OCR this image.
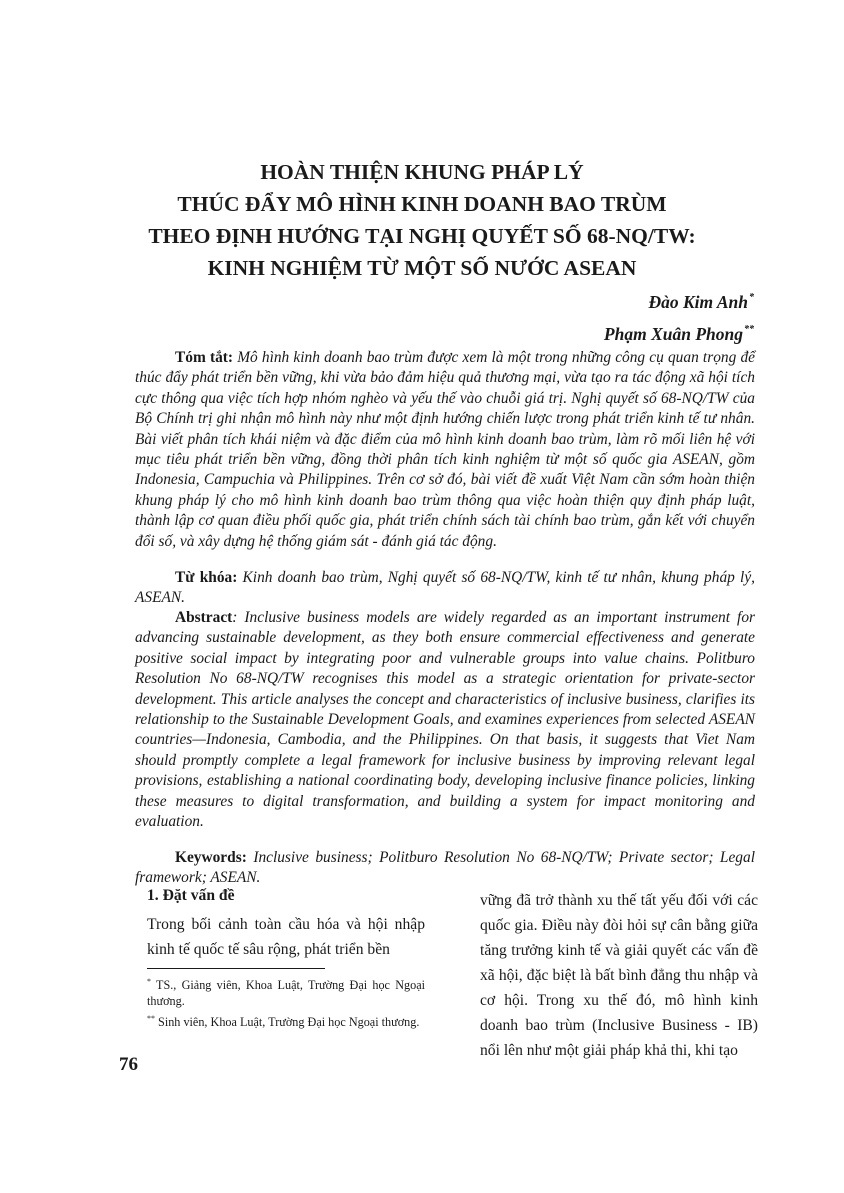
HOÀN THIỆN KHUNG PHÁP LÝ
THÚC ĐẨY MÔ HÌNH KINH DOANH BAO TRÙM
THEO ĐỊNH HƯỚNG TẠI NGHỊ QUYẾT SỐ 68-NQ/TW:
KINH NGHIỆM TỪ MỘT SỐ NƯỚC ASEAN
Đào Kim Anh*
Phạm Xuân Phong**

Tóm tắt: Mô hình kinh doanh bao trùm được xem là một trong những công cụ quan trọng để thúc đẩy phát triển bền vững, khi vừa bảo đảm hiệu quả thương mại, vừa tạo ra tác động xã hội tích cực thông qua việc tích hợp nhóm nghèo và yếu thế vào chuỗi giá trị. Nghị quyết số 68-NQ/TW của Bộ Chính trị ghi nhận mô hình này như một định hướng chiến lược trong phát triển kinh tế tư nhân. Bài viết phân tích khái niệm và đặc điểm của mô hình kinh doanh bao trùm, làm rõ mối liên hệ với mục tiêu phát triển bền vững, đồng thời phân tích kinh nghiệm từ một số quốc gia ASEAN, gồm Indonesia, Campuchia và Philippines. Trên cơ sở đó, bài viết đề xuất Việt Nam cần sớm hoàn thiện khung pháp lý cho mô hình kinh doanh bao trùm thông qua việc hoàn thiện quy định pháp luật, thành lập cơ quan điều phối quốc gia, phát triển chính sách tài chính bao trùm, gắn kết với chuyển đổi số, và xây dựng hệ thống giám sát - đánh giá tác động.

Từ khóa: Kinh doanh bao trùm, Nghị quyết số 68-NQ/TW, kinh tế tư nhân, khung pháp lý, ASEAN.

Abstract: Inclusive business models are widely regarded as an important instrument for advancing sustainable development, as they both ensure commercial effectiveness and generate positive social impact by integrating poor and vulnerable groups into value chains. Politburo Resolution No 68-NQ/TW recognises this model as a strategic orientation for private-sector development. This article analyses the concept and characteristics of inclusive business, clarifies its relationship to the Sustainable Development Goals, and examines experiences from selected ASEAN countries—Indonesia, Cambodia, and the Philippines. On that basis, it suggests that Viet Nam should promptly complete a legal framework for inclusive business by improving relevant legal provisions, establishing a national coordinating body, developing inclusive finance policies, linking these measures to digital transformation, and building a system for impact monitoring and evaluation.

Keywords: Inclusive business; Politburo Resolution No 68-NQ/TW; Private sector; Legal framework; ASEAN.

1. Đặt vấn đề

Trong bối cảnh toàn cầu hóa và hội nhập kinh tế quốc tế sâu rộng, phát triển bền

* TS., Giảng viên, Khoa Luật, Trường Đại học Ngoại thương.

** Sinh viên, Khoa Luật, Trường Đại học Ngoại thương.

vững đã trở thành xu thế tất yếu đối với các quốc gia. Điều này đòi hỏi sự cân bằng giữa tăng trưởng kinh tế và giải quyết các vấn đề xã hội, đặc biệt là bất bình đẳng thu nhập và cơ hội. Trong xu thế đó, mô hình kinh doanh bao trùm (Inclusive Business - IB) nổi lên như một giải pháp khả thi, khi tạo

76
